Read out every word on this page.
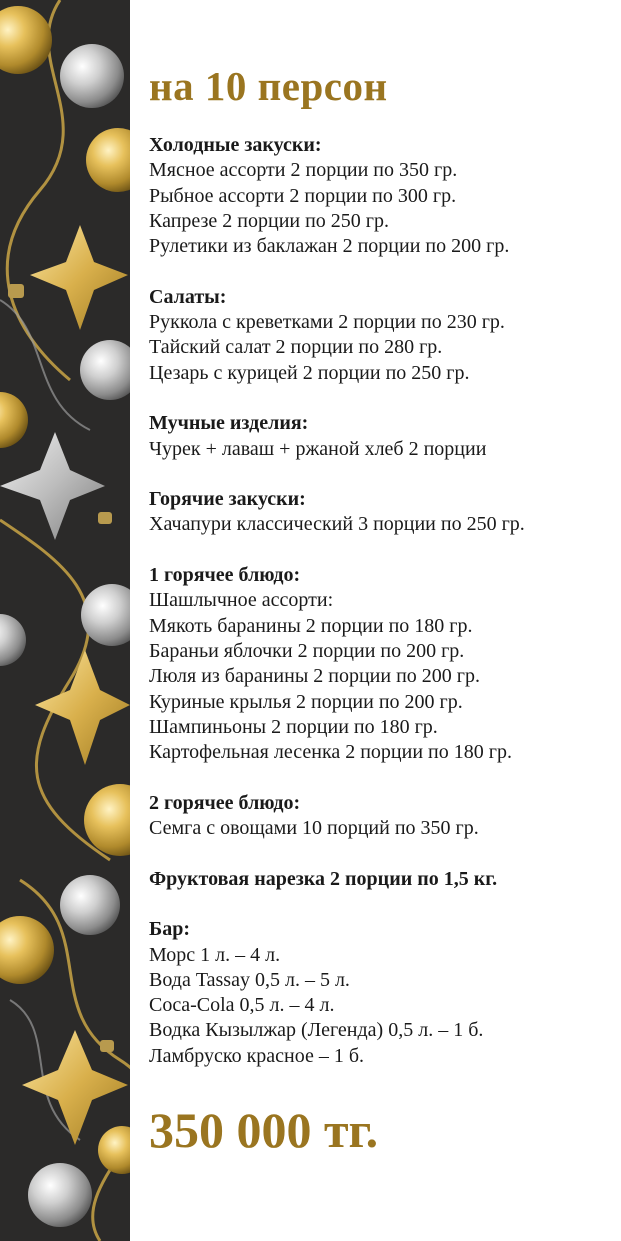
на 10 персон
Холодные закуски:
Мясное ассорти 2 порции по 350 гр.
Рыбное ассорти 2 порции по 300 гр.
Капрезе 2 порции по 250 гр.
Рулетики из баклажан 2 порции по 200 гр.
Салаты:
Руккола с креветками 2 порции по 230 гр.
Тайский салат 2 порции по 280 гр.
Цезарь с курицей 2 порции по 250 гр.
Мучные изделия:
Чурек + лаваш + ржаной хлеб 2 порции
Горячие закуски:
Хачапури классический 3 порции по 250 гр.
1 горячее блюдо:
Шашлычное ассорти:
Мякоть баранины 2 порции по 180 гр.
Бараньи яблочки 2 порции по 200 гр.
Люля из баранины 2 порции по 200 гр.
Куриные крылья 2 порции по 200 гр.
Шампиньоны 2 порции по 180 гр.
Картофельная лесенка 2 порции по 180 гр.
2 горячее блюдо:
Семга с овощами 10 порций по 350 гр.
Фруктовая нарезка 2 порции по 1,5 кг.
Бар:
Морс 1 л. – 4 л.
Вода Tassay 0,5 л. – 5 л.
Coca-Cola 0,5 л. – 4 л.
Водка Кызылжар (Легенда) 0,5 л. – 1 б.
Ламбруско красное – 1 б.
350 000 тг.
